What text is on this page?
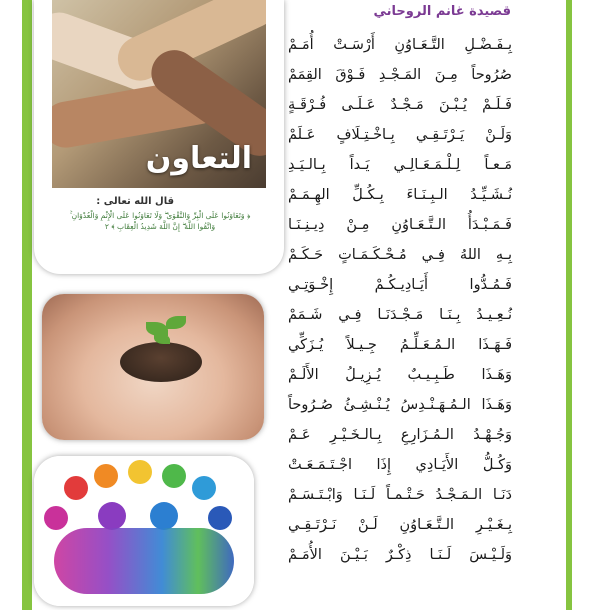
التعاون
قال الله تعالى :
﴿ وَتَعَاوَنُوا عَلَى الْبِرِّ وَالتَّقْوَىٰ ۖ وَلَا تَعَاوَنُوا عَلَى الْإِثْمِ وَالْعُدْوَانِ ۚ وَاتَّقُوا اللَّهَ ۖ إِنَّ اللَّهَ شَدِيدُ الْعِقَابِ ﴾ ٢
قصيدة غانم الروحاني
بِـفَـضْـلِ التَّـعَـاوُنِ أَرْسَـتْ أُمَـمْ
صُرُوحاً مِـنَ المَـجْـدِ فَـوْقَ القِمَمْ
فَـلَـمْ يُـبْـنَ مَـجْـدٌ عَـلَـى فُـرْقَـةٍ
وَلَـنْ يَـرْتَـقِـي بِـاخْـتِـلَافٍ عَـلَمْ
مَـعـاً لِـلْـمَـعَـالِـي يَـداً بِـالـيَـدِ
نُـشَـيِّـدُ الـبِـنَـاءَ بِـكُـلِّ الهِـمَـمْ
فَـمَـبْـدَأُ الـتَّـعَـاوُنِ مِـنْ دِيـنِـنَـا
بِـهِ اللهُ فِـي مُـحْـكَـمَـاتٍ حَـكَـمْ
فَـمُـدُّوا أَيَـادِيـكُـمْ إِخْـوَتِـي
نُـعِـيـدُ بِـنَـا مَـجْـدَنَـا فِـي شَـمَمْ
فَـهَـذَا الـمُـعَـلِّـمُ جِـيـلاً يُـزَكِّي
وَهَـذَا طَـبِـيـبٌ يُـزِيـلُ الأَلَـمْ
وَهَـذَا الـمُـهَـنْـدِسُ يُـنْـشِـئُ صُـرُوحاً
وَجُـهْـدُ الـمُـزَارِعِ بِـالـخَـيْـرِ عَـمْ
وَكُـلُّ الأَيَـادِي إِذَا اجْـتَـمَـعَـتْ
دَنَـا الـمَـجْـدُ حَـتْـمـاً لَـنَـا وَابْـتَـسَـمْ
بِـغَـيْـرِ الـتَّـعَـاوُنِ لَـنْ نَـرْتَـقِـي
وَلَـيْـسَ لَـنَـا ذِكْـرٌ بَـيْـنَ الأُمَـمْ
